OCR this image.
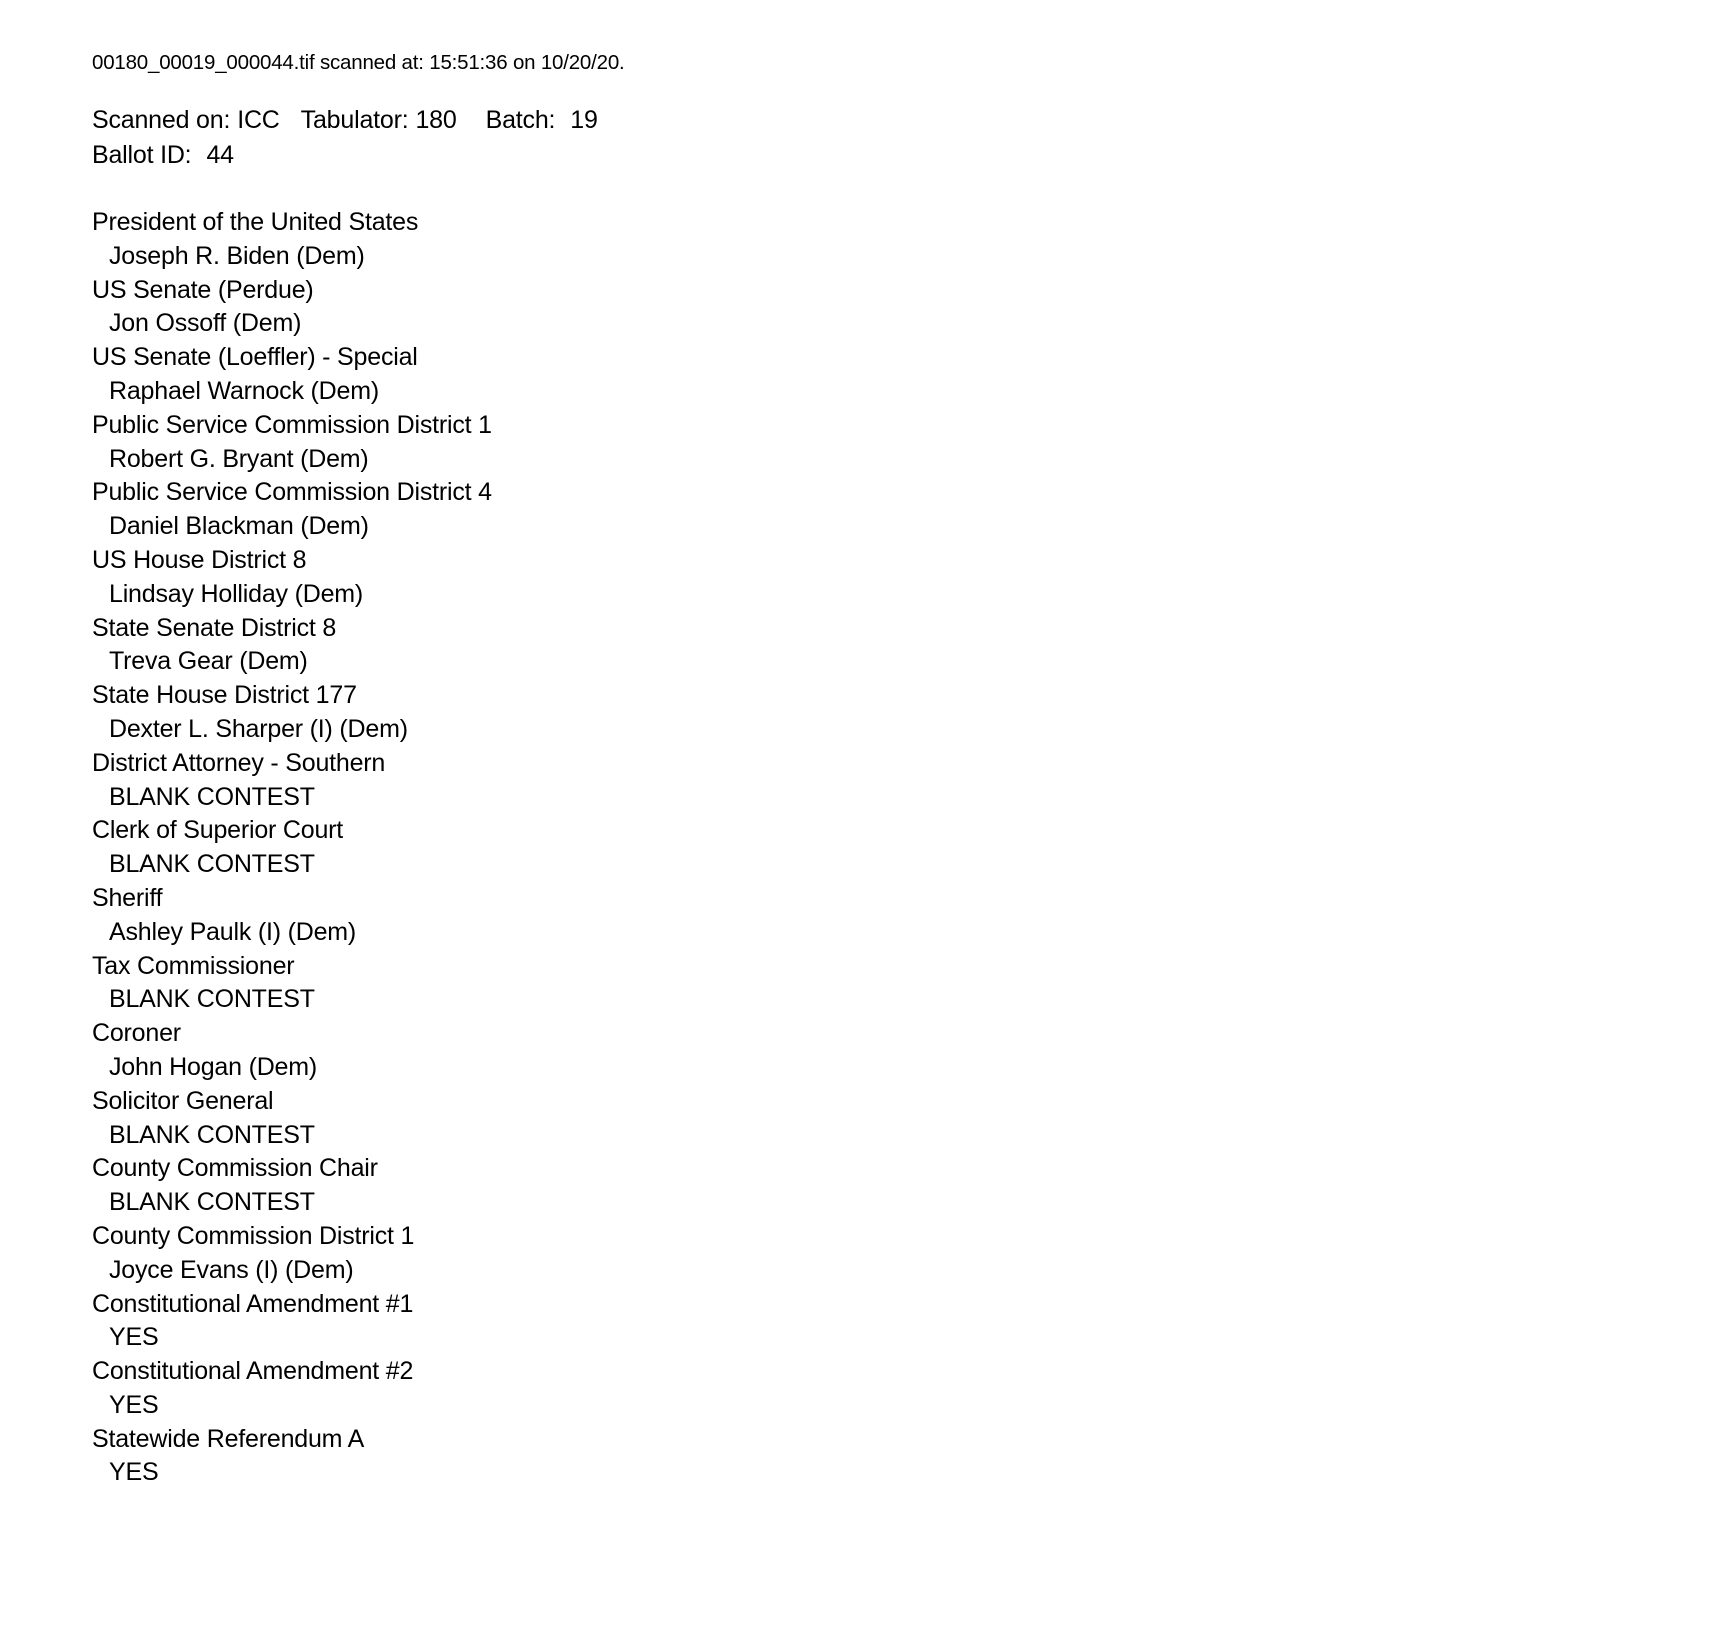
00180_00019_000044.tif scanned at: 15:51:36 on 10/20/20.
Scanned on: ICC Tabulator: 180 Batch: 19
Ballot ID: 44
President of the United States
Joseph R. Biden (Dem)
US Senate (Perdue)
Jon Ossoff (Dem)
US Senate (Loeffler) - Special
Raphael Warnock (Dem)
Public Service Commission District 1
Robert G. Bryant (Dem)
Public Service Commission District 4
Daniel Blackman (Dem)
US House District 8
Lindsay Holliday (Dem)
State Senate District 8
Treva Gear (Dem)
State House District 177
Dexter L. Sharper (I) (Dem)
District Attorney - Southern
BLANK CONTEST
Clerk of Superior Court
BLANK CONTEST
Sheriff
Ashley Paulk (I) (Dem)
Tax Commissioner
BLANK CONTEST
Coroner
John Hogan (Dem)
Solicitor General
BLANK CONTEST
County Commission Chair
BLANK CONTEST
County Commission District 1
Joyce Evans (I) (Dem)
Constitutional Amendment #1
YES
Constitutional Amendment #2
YES
Statewide Referendum A
YES
